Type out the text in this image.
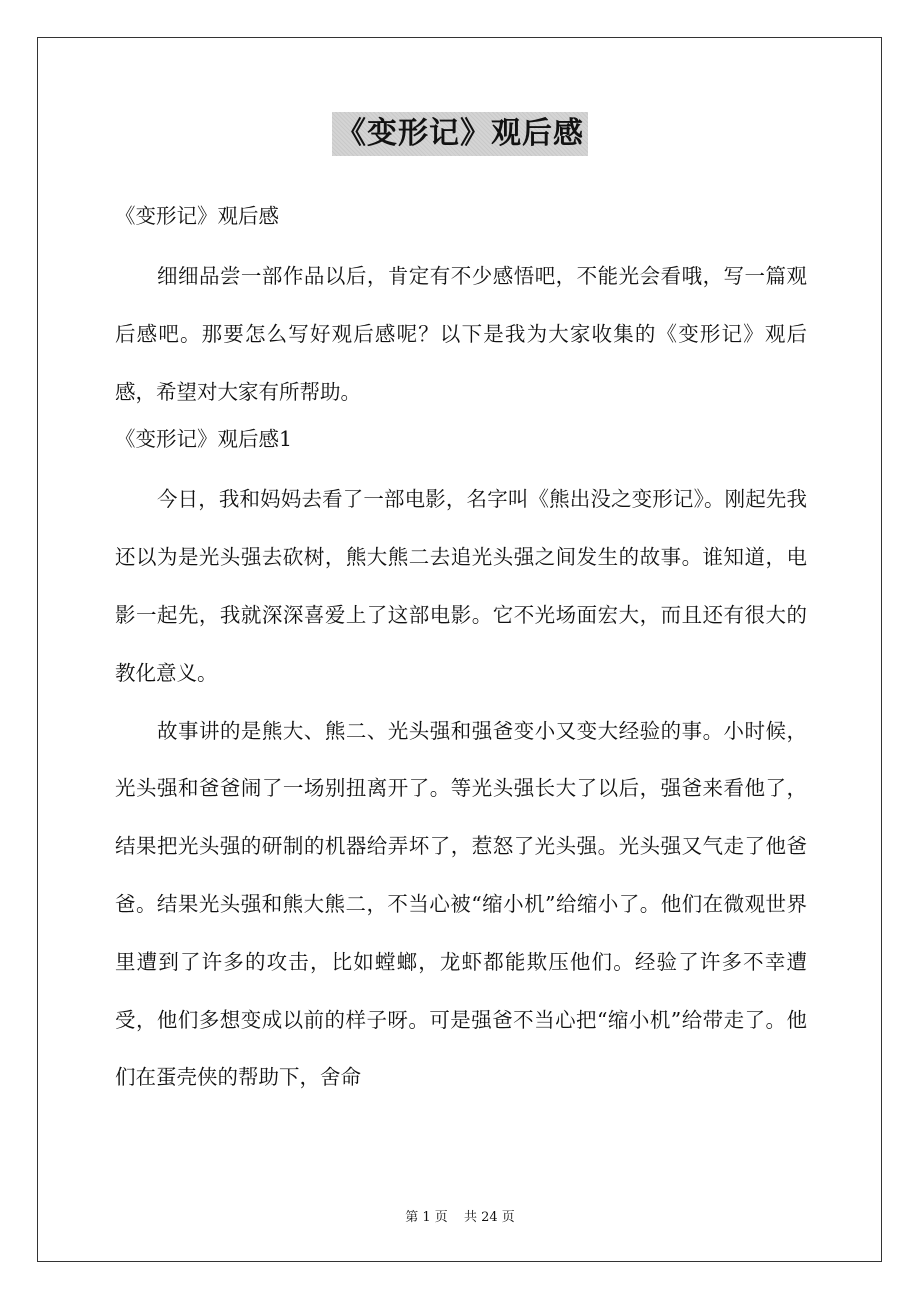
《变形记》观后感
《变形记》观后感

细细品尝一部作品以后，肯定有不少感悟吧，不能光会看哦，写一篇观后感吧。那要怎么写好观后感呢？以下是我为大家收集的《变形记》观后感，希望对大家有所帮助。

《变形记》观后感1

今日，我和妈妈去看了一部电影，名字叫《熊出没之变形记》。刚起先我还以为是光头强去砍树，熊大熊二去追光头强之间发生的故事。谁知道，电影一起先，我就深深喜爱上了这部电影。它不光场面宏大，而且还有很大的教化意义。

故事讲的是熊大、熊二、光头强和强爸变小又变大经验的事。小时候，光头强和爸爸闹了一场别扭离开了。等光头强长大了以后，强爸来看他了，结果把光头强的研制的机器给弄坏了，惹怒了光头强。光头强又气走了他爸爸。结果光头强和熊大熊二，不当心被“缩小机”给缩小了。他们在微观世界里遭到了许多的攻击，比如螳螂，龙虾都能欺压他们。经验了许多不幸遭受，他们多想变成以前的样子呀。可是强爸不当心把“缩小机”给带走了。他们在蛋壳侠的帮助下，舍命

第 1 页 共 24 页
